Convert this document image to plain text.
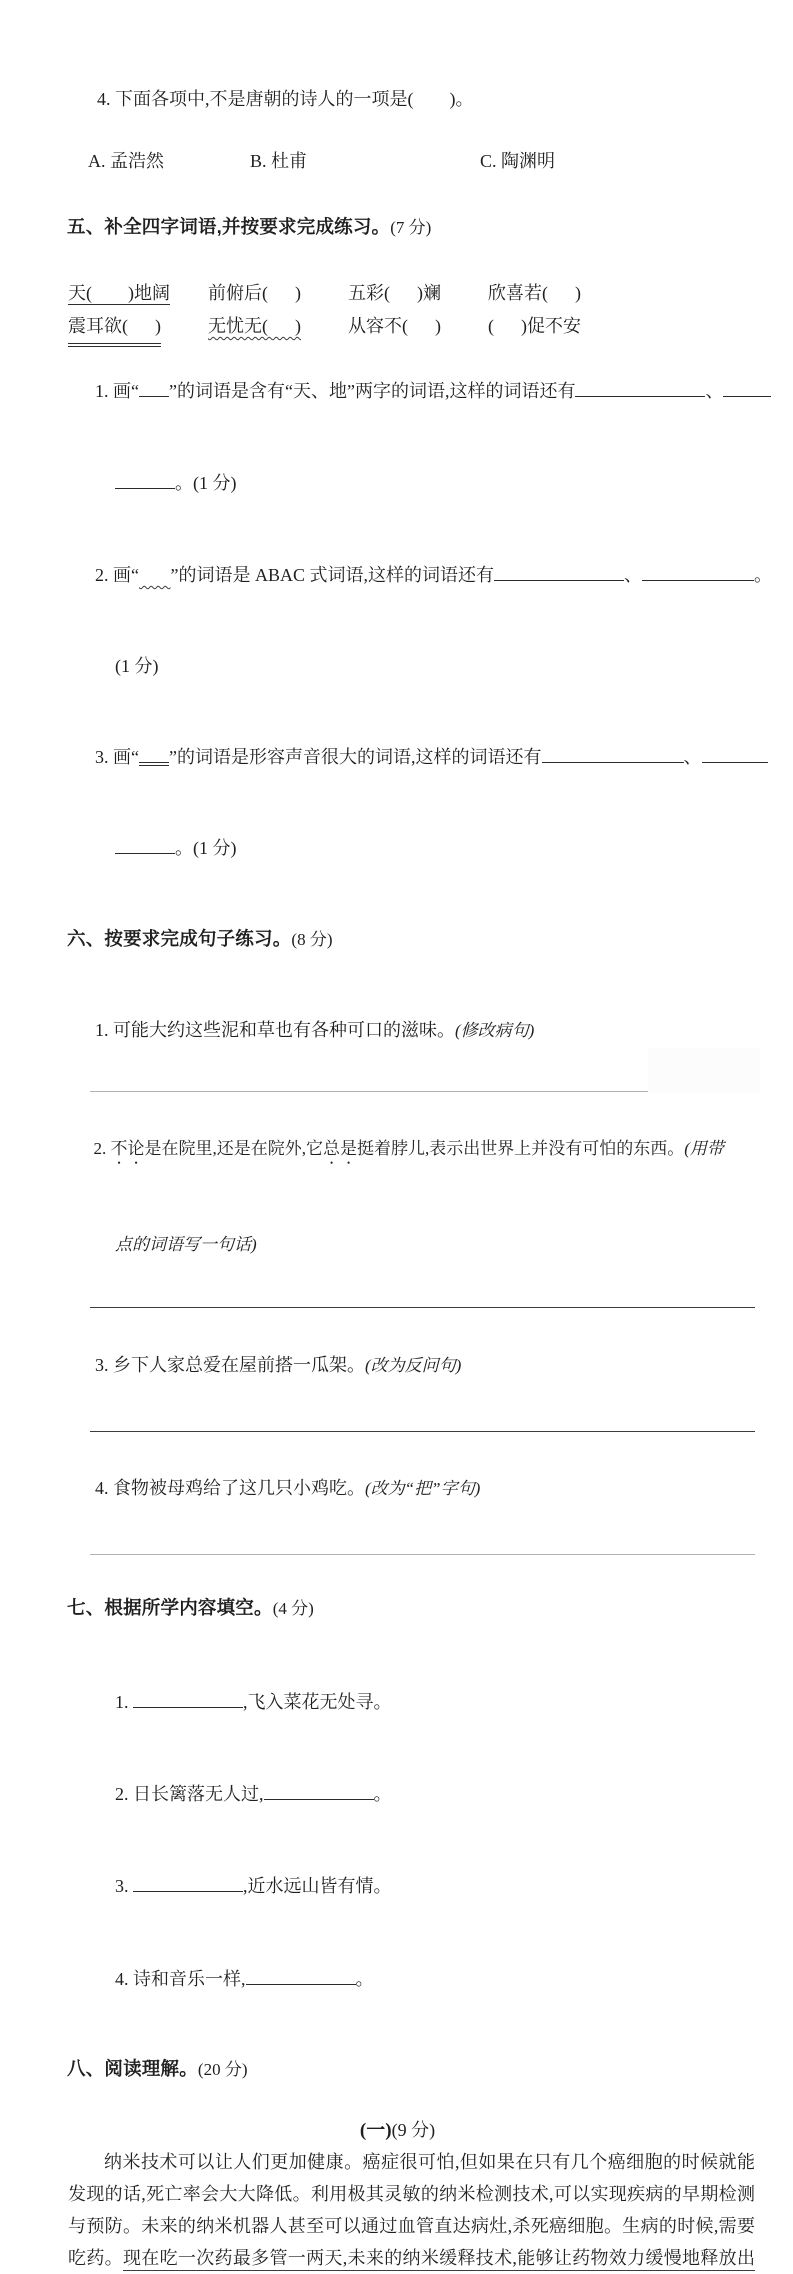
4. 下面各项中,不是唐朝的诗人的一项是(        )。

A. 孟浩然	B. 杜甫	C. 陶渊明

五、补全四字词语,并按要求完成练习。(7 分)

天(        )地阔	前俯后(      )	五彩(      )斓	欣喜若(      )
震耳欲(      )	无忧无(      )	从容不(      )	(      )促不安

1. 画“ ”的词语是含有“天、地”两字的词语,这样的词语还有	、

。(1 分)

2. 画“ ”的词语是 ABAC 式词语,这样的词语还有	、	。

(1 分)

3. 画“ ”的词语是形容声音很大的词语,这样的词语还有	、

。(1 分)

六、按要求完成句子练习。(8 分)

1. 可能大约这些泥和草也有各种可口的滋味。(修改病句)

2. 不论是在院里,还是在院外,它总是挺着脖儿,表示出世界上并没有可怕的东西。(用带

点的词语写一句话)

3. 乡下人家总爱在屋前搭一瓜架。(改为反问句)

4. 食物被母鸡给了这几只小鸡吃。(改为“把”字句)

七、根据所学内容填空。(4 分)

1.	,飞入菜花无处寻。

2. 日长篱落无人过,	。

3.	,近水远山皆有情。

4. 诗和音乐一样,	。

八、阅读理解。(20 分)

(一)(9 分)
纳米技术可以让人们更加健康。癌症很可怕,但如果在只有几个癌细胞的时候就能
发现的话,死亡率会大大降低。利用极其灵敏的纳米检测技术,可以实现疾病的早期检测
与预防。未来的纳米机器人甚至可以通过血管直达病灶,杀死癌细胞。生病的时候,需要
吃药。现在吃一次药最多管一两天,未来的纳米缓释技术,能够让药物效力缓慢地释放出
